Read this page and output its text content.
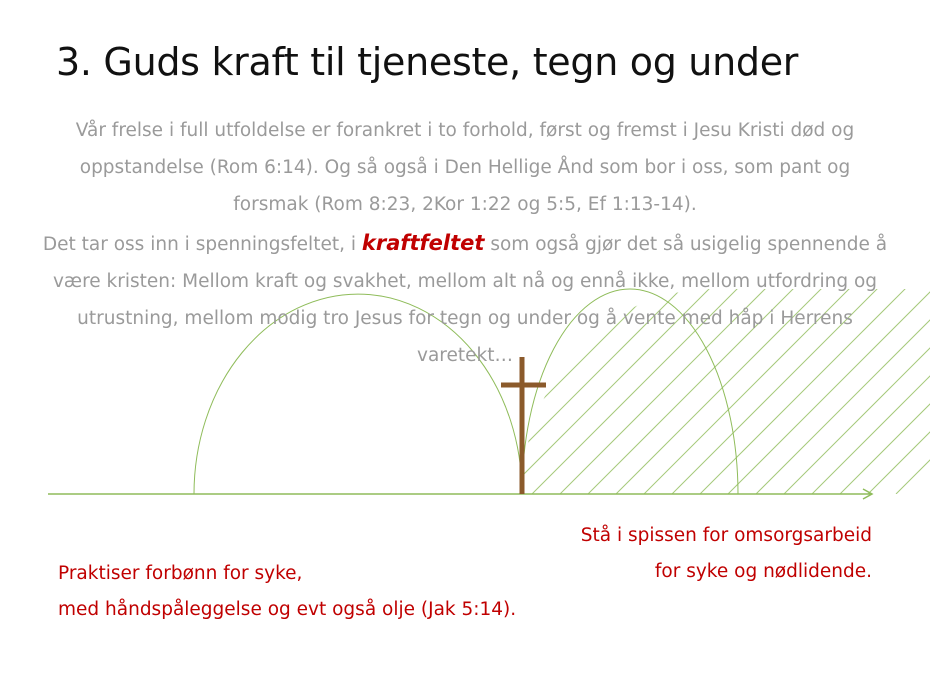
3. Guds kraft til tjeneste, tegn og under

Vår frelse i full utfoldelse er forankret i to forhold, først og fremst i Jesu Kristi død og oppstandelse (Rom 6:14). Og så også i Den Hellige Ånd som bor i oss, som pant og forsmak (Rom 8:23, 2Kor 1:22 og 5:5, Ef 1:13-14).

Det tar oss inn i spenningsfeltet, i kraftfeltet som også gjør det så usigelig spennende å være kristen: Mellom kraft og svakhet, mellom alt nå og ennå ikke, mellom utfordring og utrustning, mellom modig tro Jesus for tegn og under og å vente med håp i Herrens varetekt…

Stå i spissen for omsorgsarbeid
for syke og nødlidende.
Praktiser forbønn for syke,
med håndspåleggelse og evt også olje (Jak 5:14).
